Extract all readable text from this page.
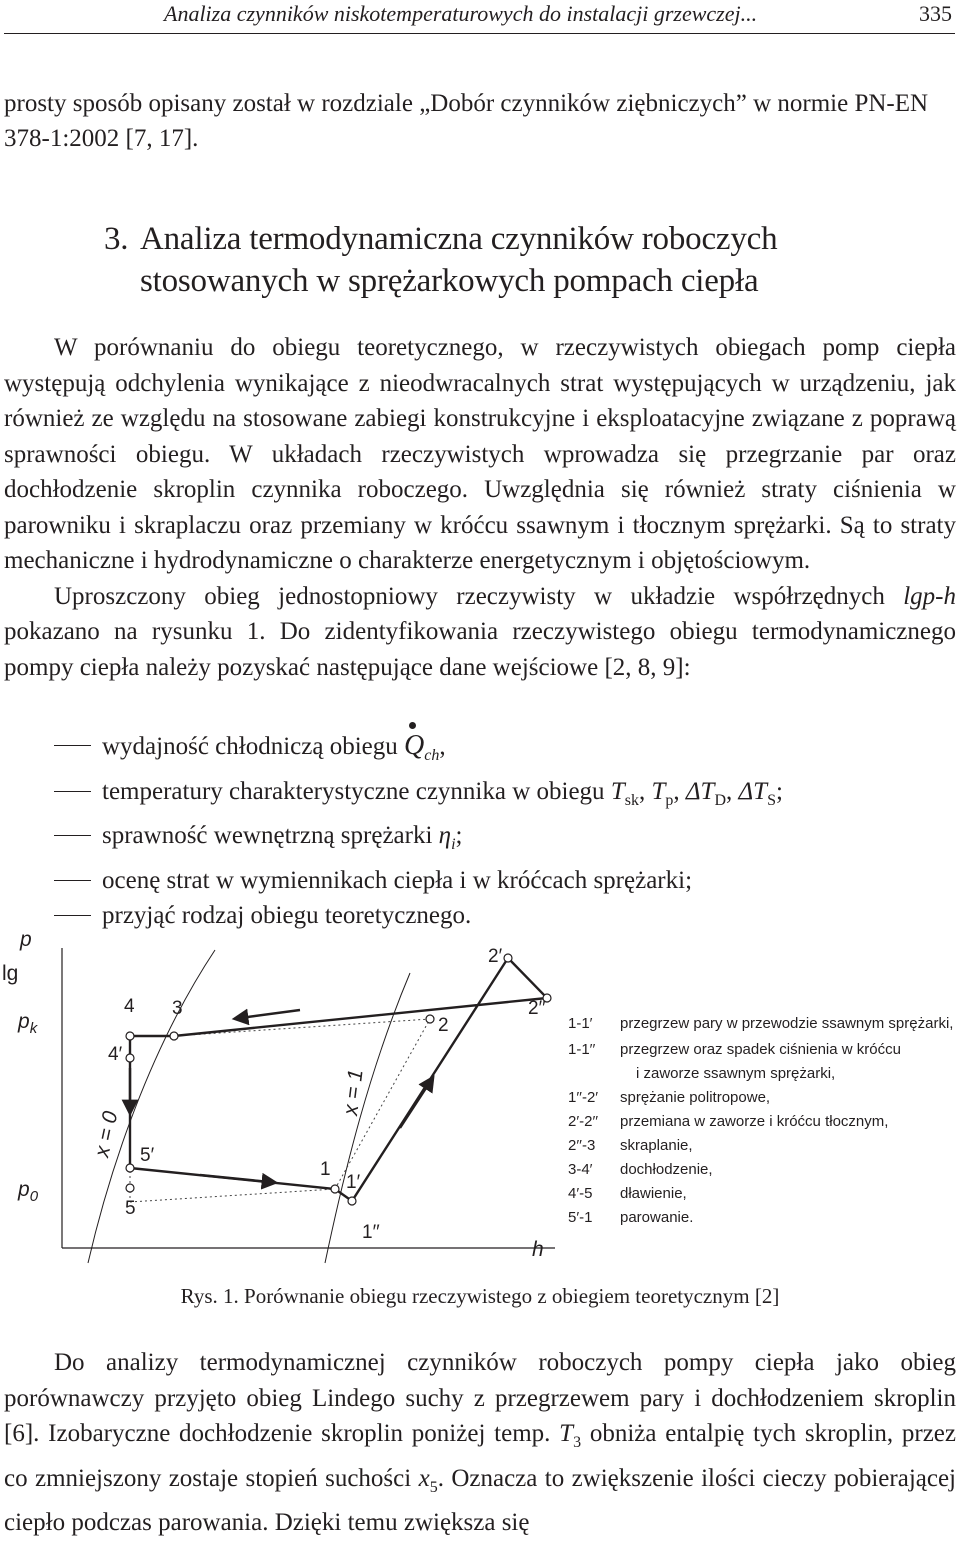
Analiza czynników niskotemperaturowych do instalacji grzewczej...	335

prosty sposób opisany został w rozdziale „Dobór czynników ziębniczych” w normie PN-EN 378-1:2002 [7, 17].

3. Analiza termodynamiczna czynników roboczych
stosowanych w sprężarkowych pompach ciepła

W porównaniu do obiegu teoretycznego, w rzeczywistych obiegach pomp ciepła występują odchylenia wynikające z nieodwracalnych strat występujących w urządzeniu, jak również ze względu na stosowane zabiegi konstrukcyjne i eksploatacyjne związane z poprawą sprawności obiegu. W układach rzeczywistych wprowadza się przegrzanie par oraz dochłodzenie skroplin czynnika roboczego. Uwzględnia się również straty ciśnienia w parowniku i skraplaczu oraz przemiany w króćcu ssawnym i tłocznym sprężarki. Są to straty mechaniczne i hydrodynamiczne o charakterze energetycznym i objętościowym.

Uproszczony obieg jednostopniowy rzeczywisty w układzie współrzędnych lgp-h pokazano na rysunku 1. Do zidentyfikowania rzeczywistego obiegu termodynamicznego pompy ciepła należy pozyskać następujące dane wejściowe [2, 8, 9]:

wydajność chłodniczą obiegu $Q_{ch}$,
temperatury charakterystyczne czynnika w obiegu $T_{sk}$, $T_p$, $\Delta T_D$, $\Delta T_S$;
sprawność wewnętrzną sprężarki $\eta_i$;
ocenę strat w wymiennikach ciepła i w króćcach sprężarki;
przyjąć rodzaj obiegu teoretycznego.
p
lg
h
$p_k$
$p_0$
x = 0
x = 1
4 3
4′
5′
5
1
1′
1′′
2
2′
2′′
1-1′ przegrzew pary w przewodzie ssawnym sprężarki,
1-1′′ przegrzew oraz spadek ciśnienia w króćcu
i zaworze ssawnym sprężarki,
1′′-2′ sprężanie politropowe,
2′-2′′ przemiana w zaworze i króćcu tłocznym,
2′′-3 skraplanie,
3-4′ dochłodzenie,
4′-5 dławienie,
5′-1 parowanie.

Rys. 1. Porównanie obiegu rzeczywistego z obiegiem teoretycznym [2]

Do analizy termodynamicznej czynników roboczych pompy ciepła jako obieg porównawczy przyjęto obieg Lindego suchy z przegrzewem pary i dochłodzeniem skroplin [6]. Izobaryczne dochłodzenie skroplin poniżej temp. $T_3$ obniża entalpię tych skroplin, przez co zmniejszony zostaje stopień suchości $x_5$. Oznacza to zwiększenie ilości cieczy pobierającej ciepło podczas parowania. Dzięki temu zwiększa się
